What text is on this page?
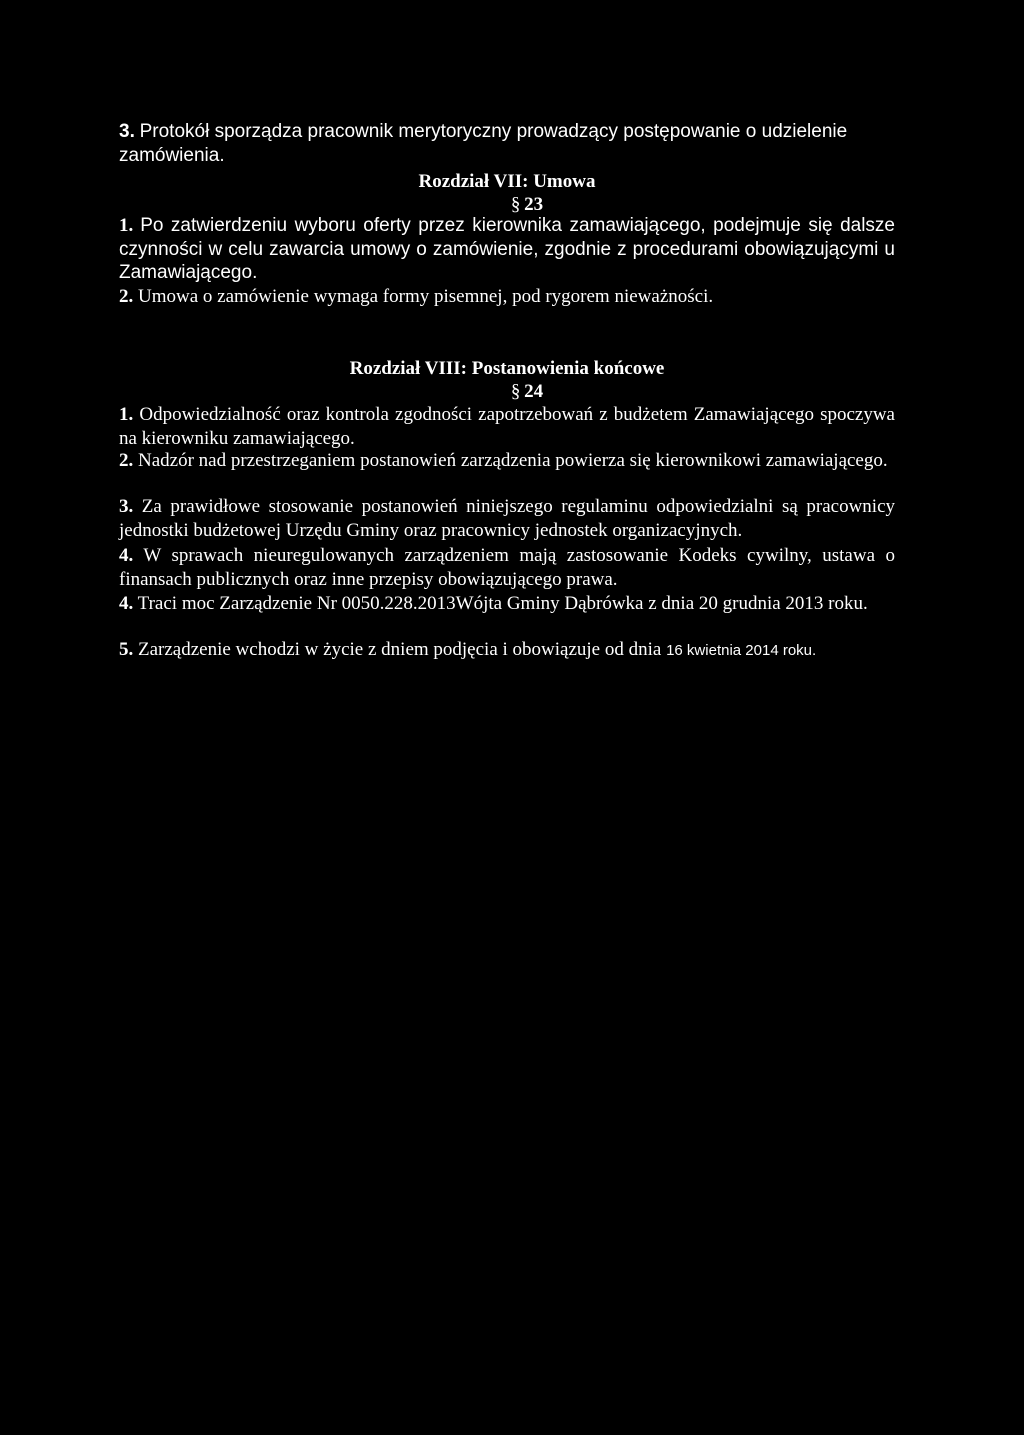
3. Protokół sporządza pracownik merytoryczny prowadzący postępowanie o udzielenie zamówienia.

Rozdział VII: Umowa

§  23

1. Po zatwierdzeniu wyboru oferty przez kierownika zamawiającego, podejmuje się dalsze czynności w celu zawarcia umowy o zamówienie, zgodnie z procedurami obowiązującymi u Zamawiającego.

2. Umowa o zamówienie wymaga formy pisemnej, pod rygorem nieważności.

Rozdział VIII: Postanowienia końcowe

§  24

1. Odpowiedzialność oraz kontrola zgodności zapotrzebowań z budżetem Zamawiającego spoczywa na kierowniku zamawiającego.

2. Nadzór nad przestrzeganiem postanowień zarządzenia powierza się kierownikowi zamawiającego.

3. Za prawidłowe stosowanie postanowień niniejszego regulaminu odpowiedzialni są pracownicy jednostki budżetowej Urzędu Gminy oraz pracownicy jednostek organizacyjnych.

4. W sprawach nieuregulowanych zarządzeniem mają zastosowanie Kodeks cywilny, ustawa o finansach publicznych oraz inne przepisy obowiązującego prawa.

4. Traci moc Zarządzenie Nr 0050.228.2013Wójta Gminy Dąbrówka z dnia 20 grudnia 2013 roku.

5. Zarządzenie wchodzi w życie z dniem podjęcia i obowiązuje od dnia 16 kwietnia 2014 roku.
